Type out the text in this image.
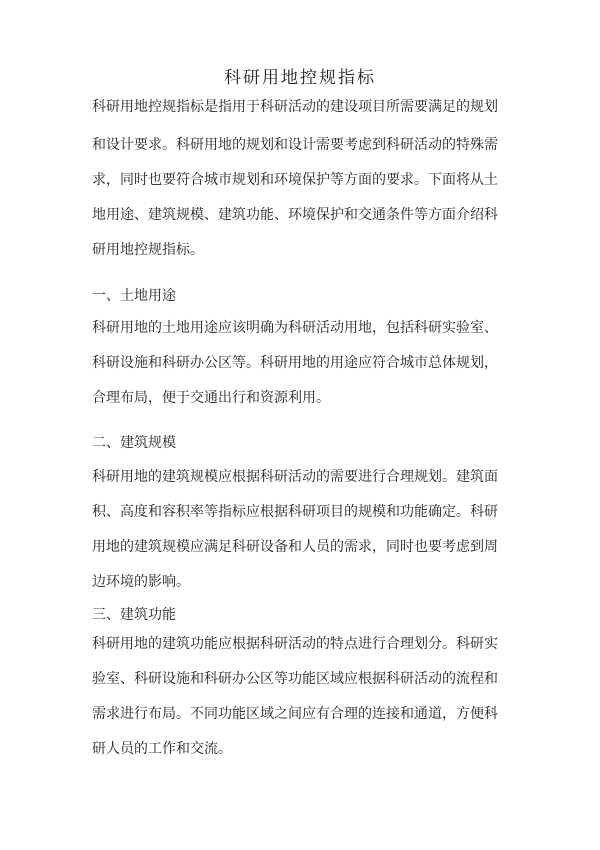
科研用地控规指标

科研用地控规指标是指用于科研活动的建设项目所需要满足的规划

和设计要求。科研用地的规划和设计需要考虑到科研活动的特殊需

求，同时也要符合城市规划和环境保护等方面的要求。下面将从土

地用途、建筑规模、建筑功能、环境保护和交通条件等方面介绍科

研用地控规指标。

一、土地用途

科研用地的土地用途应该明确为科研活动用地，包括科研实验室、

科研设施和科研办公区等。科研用地的用途应符合城市总体规划，

合理布局，便于交通出行和资源利用。

二、建筑规模

科研用地的建筑规模应根据科研活动的需要进行合理规划。建筑面

积、高度和容积率等指标应根据科研项目的规模和功能确定。科研

用地的建筑规模应满足科研设备和人员的需求，同时也要考虑到周

边环境的影响。

三、建筑功能

科研用地的建筑功能应根据科研活动的特点进行合理划分。科研实

验室、科研设施和科研办公区等功能区域应根据科研活动的流程和

需求进行布局。不同功能区域之间应有合理的连接和通道，方便科

研人员的工作和交流。
